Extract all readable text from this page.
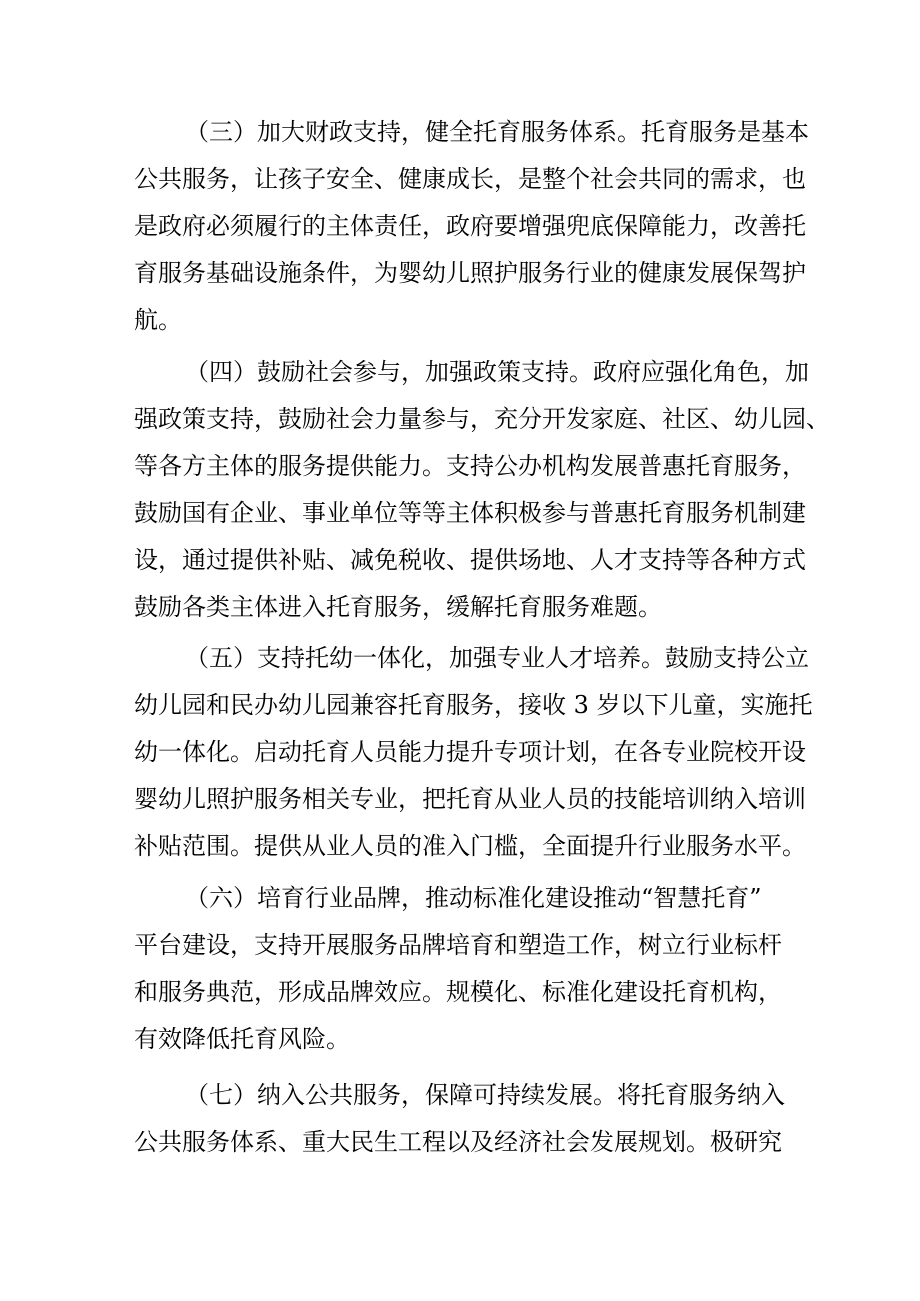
（三）加大财政支持，健全托育服务体系。托育服务是基本
公共服务，让孩子安全、健康成长，是整个社会共同的需求，也
是政府必须履行的主体责任，政府要增强兜底保障能力，改善托
育服务基础设施条件，为婴幼儿照护服务行业的健康发展保驾护
航。
（四）鼓励社会参与，加强政策支持。政府应强化角色，加
强政策支持，鼓励社会力量参与，充分开发家庭、社区、幼儿园、
等各方主体的服务提供能力。支持公办机构发展普惠托育服务，
鼓励国有企业、事业单位等等主体积极参与普惠托育服务机制建
设，通过提供补贴、减免税收、提供场地、人才支持等各种方式
鼓励各类主体进入托育服务，缓解托育服务难题。
（五）支持托幼一体化，加强专业人才培养。鼓励支持公立
幼儿园和民办幼儿园兼容托育服务，接收 3 岁以下儿童，实施托
幼一体化。启动托育人员能力提升专项计划，在各专业院校开设
婴幼儿照护服务相关专业，把托育从业人员的技能培训纳入培训
补贴范围。提供从业人员的准入门槛，全面提升行业服务水平。
（六）培育行业品牌，推动标准化建设推动“智慧托育”
平台建设，支持开展服务品牌培育和塑造工作，树立行业标杆
和服务典范，形成品牌效应。规模化、标准化建设托育机构，
有效降低托育风险。
（七）纳入公共服务，保障可持续发展。将托育服务纳入
公共服务体系、重大民生工程以及经济社会发展规划。极研究
